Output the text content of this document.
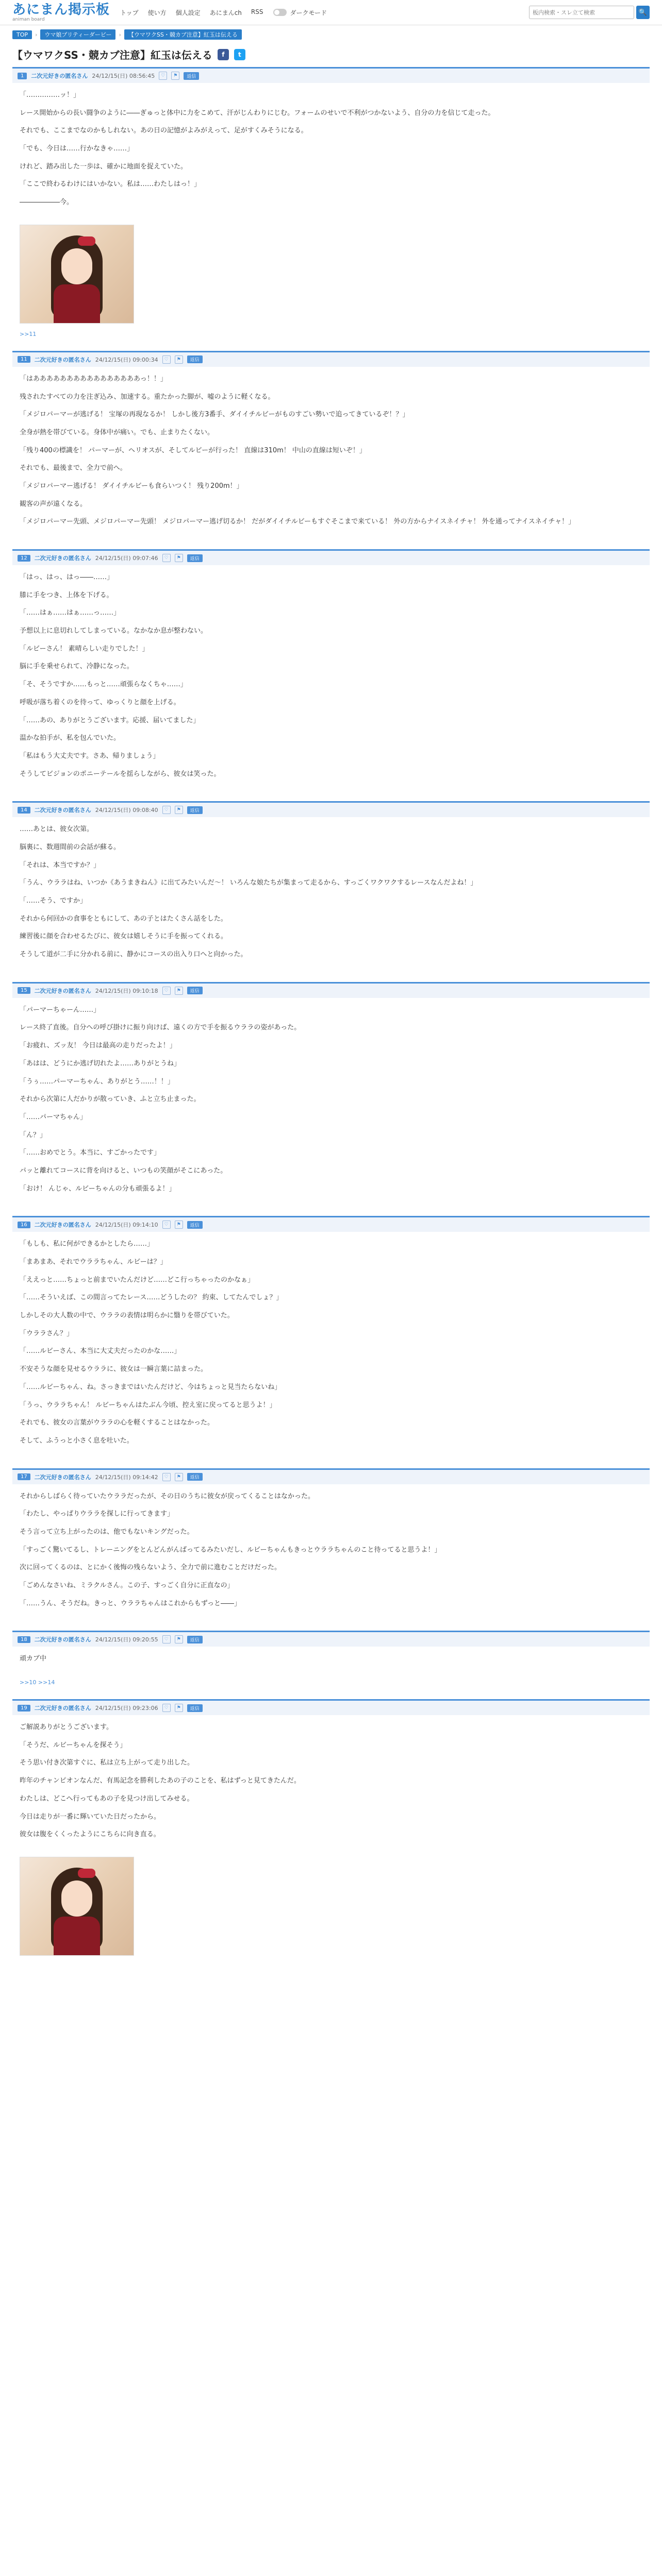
あにまん掲示板
animan board
トップ 使い方 個人設定 あにまんch RSS	ダークモード
板内検索・スレ立て検索	🔍
TOP	›	ウマ娘プリティーダービー	›	【ウマワクSS・競カブ注意】紅玉は伝える
【ウマワクSS・競カブ注意】紅玉は伝える	f	t
1	二次元好きの匿名さん 24/12/15(日) 08:56:45	♡	⚑	返信

「……………ッ！」

レース開始からの長い闘争のように――ぎゅっと体中に力をこめて、汗がじんわりにじむ。フォームのせいで不利がつかないよう、自分の力を信じて走った。

それでも、ここまでなのかもしれない。あの日の記憶がよみがえって、足がすくみそうになる。

「でも、今日は……行かなきゃ……」

けれど、踏み出した一歩は、確かに地面を捉えていた。

「ここで終わるわけにはいかない。私は……わたしはっ！」

――――――今。

>>11
11	二次元好きの匿名さん 24/12/15(日) 09:00:34	♡	⚑	返信

「はああああああああああああああああっ！！」

残されたすべての力を注ぎ込み、加速する。重たかった脚が、嘘のように軽くなる。

「メジロパーマーが逃げる！ 宝塚の再現なるか！ しかし後方3番手、ダイイチルビーがものすごい勢いで追ってきているぞ！？」

全身が熱を帯びている。身体中が痛い。でも、止まりたくない。

「残り400の標識を！ パーマーが、ヘリオスが、そしてルビーが行った！ 直線は310m！ 中山の直線は短いぞ！」

それでも、最後まで、全力で前へ。

「メジロパーマー逃げる！ ダイイチルビーも食らいつく！ 残り200m！」

観客の声が遠くなる。

「メジロパーマー先頭、メジロパーマー先頭！ メジロパーマー逃げ切るか！ だがダイイチルビーもすぐそこまで来ている！ 外の方からナイスネイチャ！ 外を通ってナイスネイチャ！」

12	二次元好きの匿名さん 24/12/15(日) 09:07:46	♡	⚑	返信

「はっ、はっ、はっ――……」

膝に手をつき、上体を下げる。

「……はぁ……はぁ……っ……」

予想以上に息切れしてしまっている。なかなか息が整わない。

「ルビーさん！ 素晴らしい走りでした！」

脳に手を乗せられて、冷静になった。

「そ、そうですか……もっと……頑張らなくちゃ……」

呼吸が落ち着くのを待って、ゆっくりと顔を上げる。

「……あの、ありがとうございます。応援、届いてました」

温かな拍手が、私を包んでいた。

「私はもう大丈夫です。さあ、帰りましょう」

そうしてビジョンのポニーテールを揺らしながら、彼女は笑った。

14	二次元好きの匿名さん 24/12/15(日) 09:08:40	♡	⚑	返信

……あとは、彼女次第。

脳裏に、数週間前の会話が蘇る。

「それは、本当ですか？」

「うん、ウララはね、いつか《あうまきねん》に出てみたいんだ～！ いろんな娘たちが集まって走るから、すっごくワクワクするレースなんだよね！」

「……そう、ですか」

それから何回かの食事をともにして、あの子とはたくさん話をした。

練習後に顔を合わせるたびに、彼女は嬉しそうに手を振ってくれる。

そうして道が二手に分かれる前に、静かにコースの出入り口へと向かった。

15	二次元好きの匿名さん 24/12/15(日) 09:10:18	♡	⚑	返信

「パーマーちゃーん……」

レース終了直後。自分への呼び掛けに振り向けば、遠くの方で手を振るウララの姿があった。

「お疲れ、ズッ友！ 今日は最高の走りだったよ！」

「あはは、どうにか逃げ切れたよ……ありがとうね」

「うぅ……パーマーちゃん、ありがとう……！！」

それから次第に人だかりが散っていき、ふと立ち止まった。

「……パーマちゃん」

「ん？」

「……おめでとう。本当に、すごかったです」

パッと離れてコースに背を向けると、いつもの笑顔がそこにあった。

「おけ！ んじゃ、ルビーちゃんの分も頑張るよ！」

16	二次元好きの匿名さん 24/12/15(日) 09:14:10	♡	⚑	返信

「もしも、私に何ができるかとしたら……」

「まあまあ、それでウララちゃん、ルビーは？」

「ええっと……ちょっと前までいたんだけど……どこ行っちゃったのかなぁ」

「……そういえば、この間言ってたレース……どうしたの？ 約束、してたんでしょ？」

しかしその大人数の中で、ウララの表情は明らかに翳りを帯びていた。

「ウララさん？」

「……ルビーさん、本当に大丈夫だったのかな……」

不安そうな顔を見せるウララに、彼女は一瞬言葉に詰まった。

「……ルビーちゃん、ね。さっきまではいたんだけど、今はちょっと見当たらないね」

「うっ、ウララちゃん！ ルビーちゃんはたぶん今頃、控え室に戻ってると思うよ！」

それでも、彼女の言葉がウララの心を軽くすることはなかった。

そして、ふうっと小さく息を吐いた。

17	二次元好きの匿名さん 24/12/15(日) 09:14:42	♡	⚑	返信

それからしばらく待っていたウララだったが、その日のうちに彼女が戻ってくることはなかった。

「わたし、やっぱりウララを探しに行ってきます」

そう言って立ち上がったのは、他でもないキングだった。

「すっごく驚いてるし、トレーニングをとんどんがんばってるみたいだし、ルビーちゃんもきっとウララちゃんのこと待ってると思うよ！」

次に回ってくるのは、とにかく後悔の残らないよう、全力で前に進むことだけだった。

「ごめんなさいね、ミラクルさん。この子、すっごく自分に正直なの」

「……うん、そうだね。きっと、ウララちゃんはこれからもずっと――」

18	二次元好きの匿名さん 24/12/15(日) 09:20:55	♡	⚑	返信

頑カブ中

>>10 >>14
19	二次元好きの匿名さん 24/12/15(日) 09:23:06	♡	⚑	返信

ご解説ありがとうございます。

「そうだ、ルビーちゃんを探そう」

そう思い付き次第すぐに、私は立ち上がって走り出した。

昨年のチャンピオンなんだ、有馬記念を勝利したあの子のことを、私はずっと見てきたんだ。

わたしは、どこへ行ってもあの子を見つけ出してみせる。

今日は走りが一番に輝いていた日だったから。

彼女は腹をくくったようにこちらに向き直る。
